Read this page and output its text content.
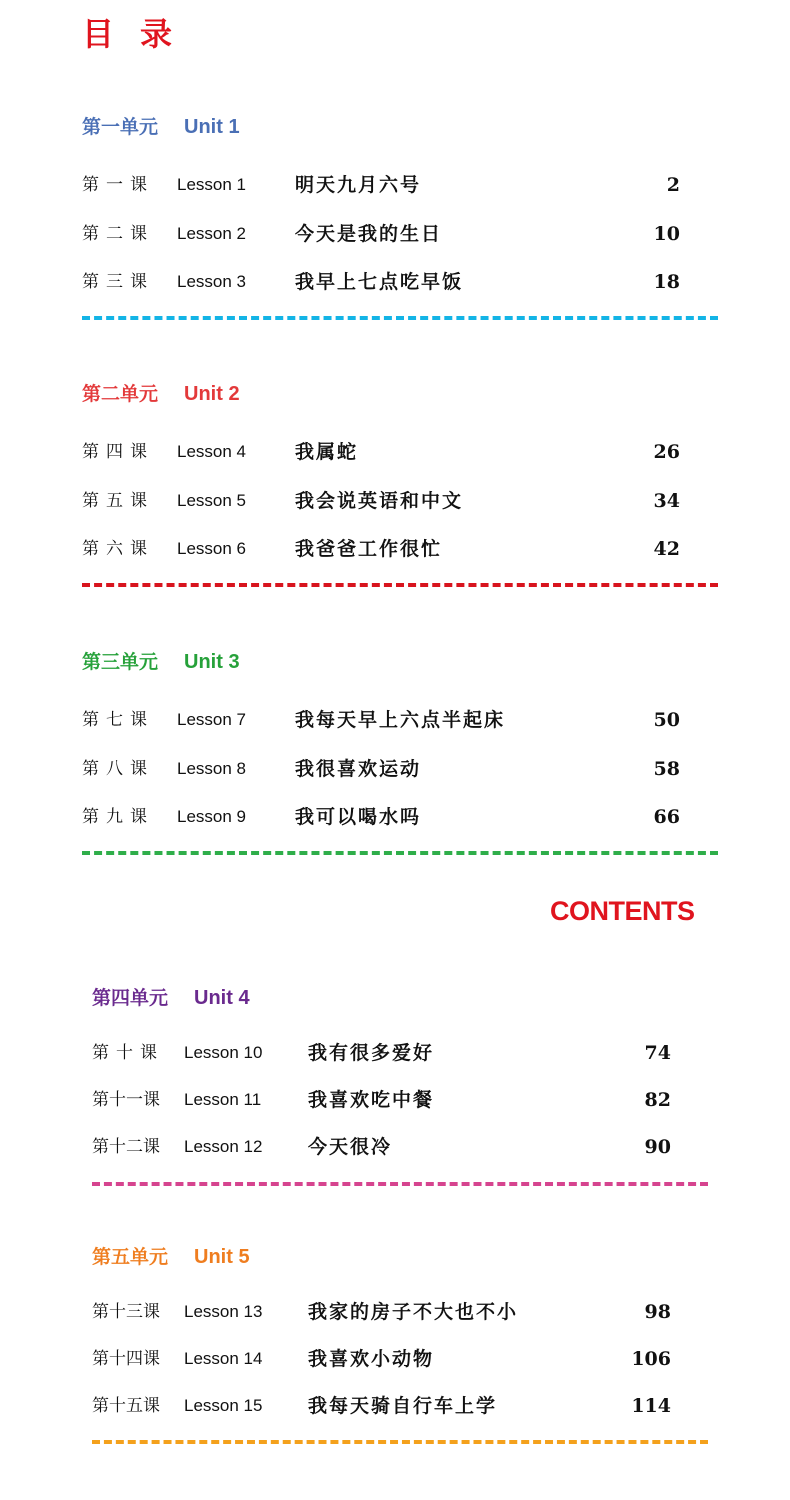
目录
第一单元 Unit 1
第一课 Lesson 1	明天九月六号	2
第二课 Lesson 2	今天是我的生日	10
第三课 Lesson 3	我早上七点吃早饭	18
第二单元 Unit 2
第四课 Lesson 4	我属蛇	26
第五课 Lesson 5	我会说英语和中文	34
第六课 Lesson 6	我爸爸工作很忙	42
第三单元 Unit 3
第七课 Lesson 7	我每天早上六点半起床	50
第八课 Lesson 8	我很喜欢运动	58
第九课 Lesson 9	我可以喝水吗	66
CONTENTS
第四单元 Unit 4
第十课 Lesson 10 我有很多爱好	74
第十一课 Lesson 11 我喜欢吃中餐	82
第十二课 Lesson 12 今天很冷	90
第五单元 Unit 5
第十三课 Lesson 13 我家的房子不大也不小	98
第十四课 Lesson 14 我喜欢小动物	106
第十五课 Lesson 15 我每天骑自行车上学	114
